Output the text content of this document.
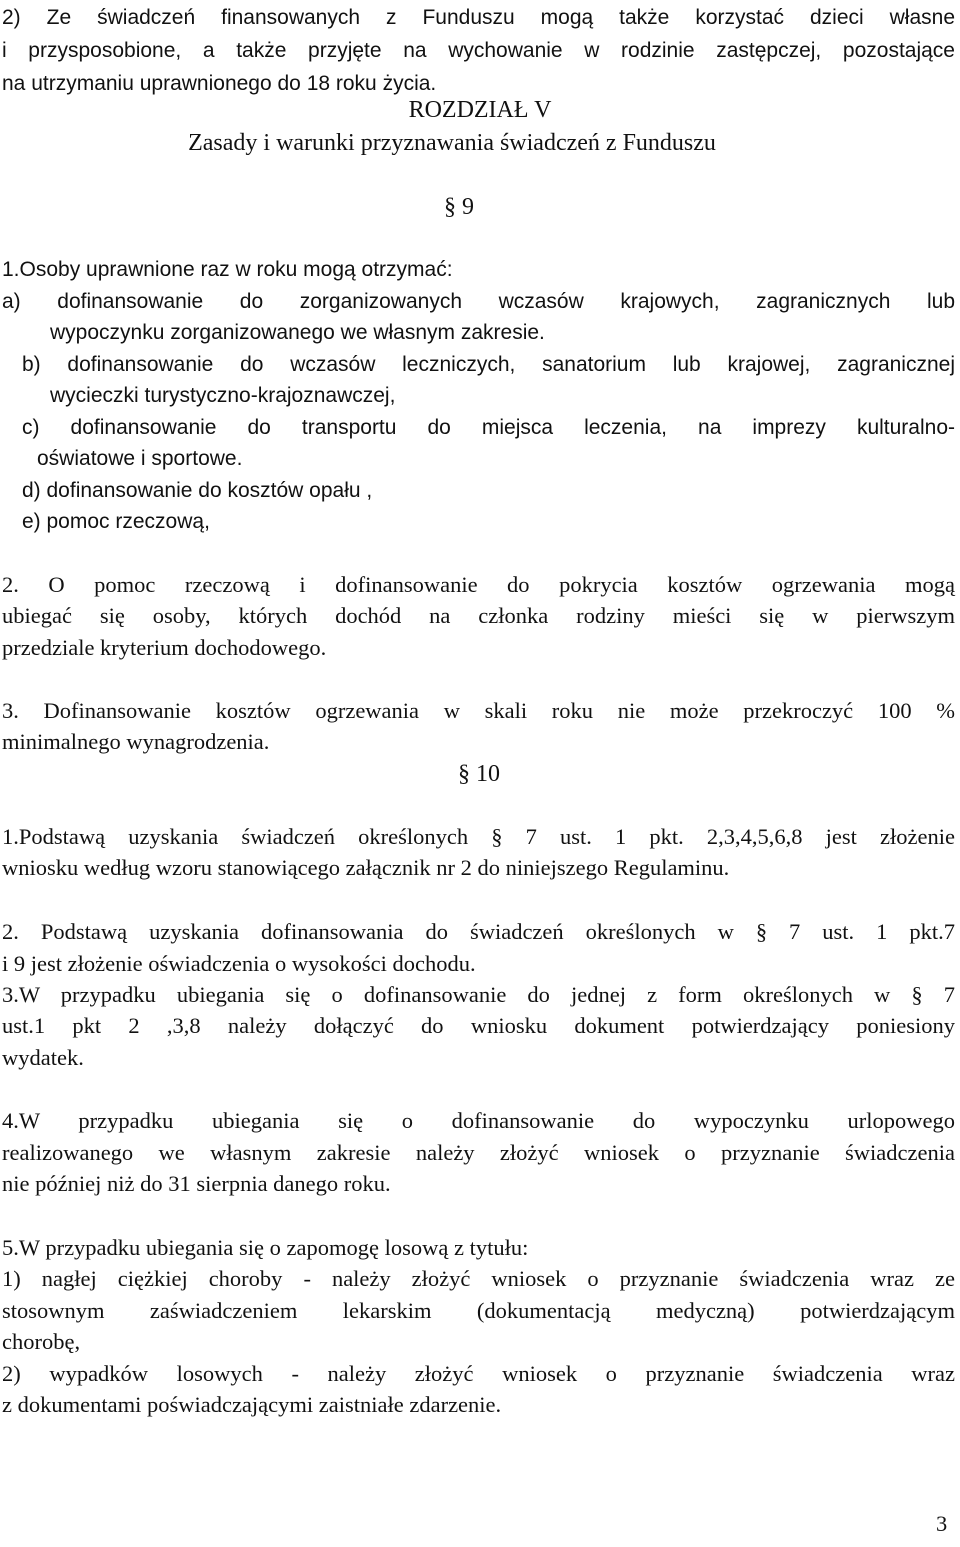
2) Ze świadczeń finansowanych z Funduszu mogą także korzystać dzieci własne
i przysposobione, a także przyjęte na wychowanie w rodzinie zastępczej, pozostające
na utrzymaniu uprawnionego do 18 roku życia.
ROZDZIAŁ V
Zasady i warunki przyznawania świadczeń z Funduszu
§ 9
1.Osoby uprawnione raz w roku mogą otrzymać:
a) dofinansowanie do zorganizowanych wczasów krajowych, zagranicznych lub
wypoczynku zorganizowanego we własnym zakresie.
b) dofinansowanie do wczasów leczniczych, sanatorium lub krajowej, zagranicznej
wycieczki turystyczno-krajoznawczej,
c) dofinansowanie do transportu do miejsca leczenia, na imprezy kulturalno-
oświatowe i sportowe.
d) dofinansowanie do kosztów opału ,
e) pomoc rzeczową,
2. O pomoc rzeczową i dofinansowanie do pokrycia kosztów ogrzewania mogą
ubiegać się osoby, których dochód na członka rodziny mieści się w pierwszym
przedziale kryterium dochodowego.
3. Dofinansowanie kosztów ogrzewania w skali roku nie może przekroczyć 100 %
minimalnego wynagrodzenia.
§ 10
1.Podstawą uzyskania świadczeń określonych § 7 ust. 1 pkt. 2,3,4,5,6,8 jest złożenie
wniosku według wzoru stanowiącego załącznik nr 2 do niniejszego Regulaminu.
2. Podstawą uzyskania dofinansowania do świadczeń określonych w § 7 ust. 1 pkt.7
i 9 jest złożenie oświadczenia o wysokości dochodu.
3.W przypadku ubiegania się o dofinansowanie do jednej z form określonych w § 7
ust.1 pkt 2 ,3,8 należy dołączyć do wniosku dokument potwierdzający poniesiony
wydatek.
4.W przypadku ubiegania się o dofinansowanie do wypoczynku urlopowego
realizowanego we własnym zakresie należy złożyć wniosek o przyznanie świadczenia
nie później niż do 31 sierpnia danego roku.
5.W przypadku ubiegania się o zapomogę losową z tytułu:
1) nagłej ciężkiej choroby - należy złożyć wniosek o przyznanie świadczenia wraz ze
stosownym zaświadczeniem lekarskim (dokumentacją medyczną) potwierdzającym
chorobę,
2) wypadków losowych - należy złożyć wniosek o przyznanie świadczenia wraz
z dokumentami poświadczającymi zaistniałe zdarzenie.
3
